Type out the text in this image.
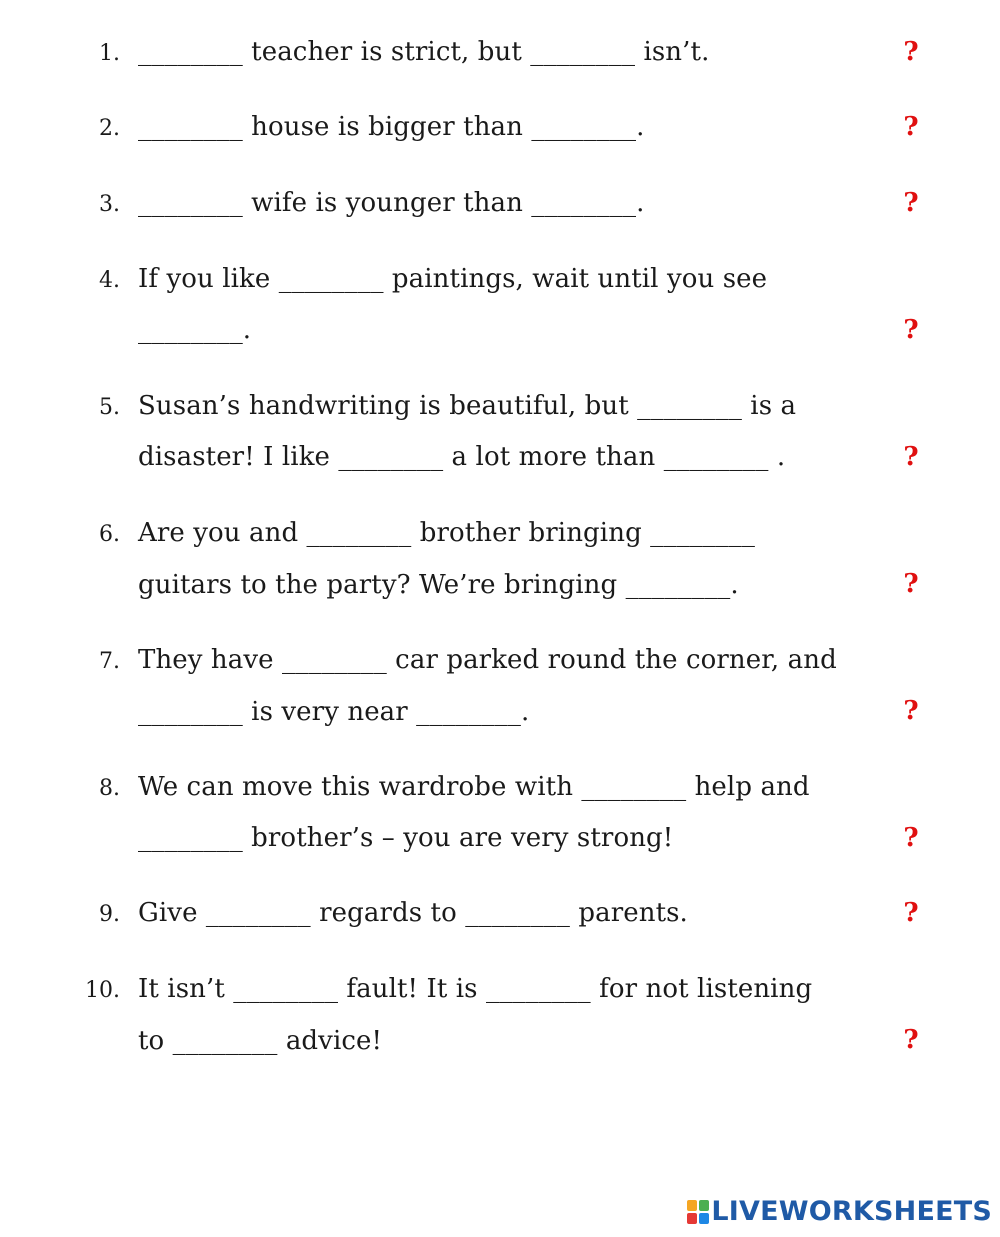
1. ________ teacher is strict, but ________ isn’t.	?
2. ________ house is bigger than ________.	?
3. ________ wife is younger than ________.	?
4. If you like ________ paintings, wait until you see
________.	?
5. Susan’s handwriting is beautiful, but ________ is a
disaster! I like ________ a lot more than ________ .	?
6. Are you and ________ brother bringing ________
guitars to the party? We’re bringing ________.	?
7. They have ________ car parked round the corner, and
________ is very near ________.	?
8. We can move this wardrobe with ________ help and
________ brother’s – you are very strong!	?
9. Give ________ regards to ________ parents.	?
10. It isn’t ________ fault! It is ________ for not listening
to ________ advice!	?
LIVEWORKSHEETS
